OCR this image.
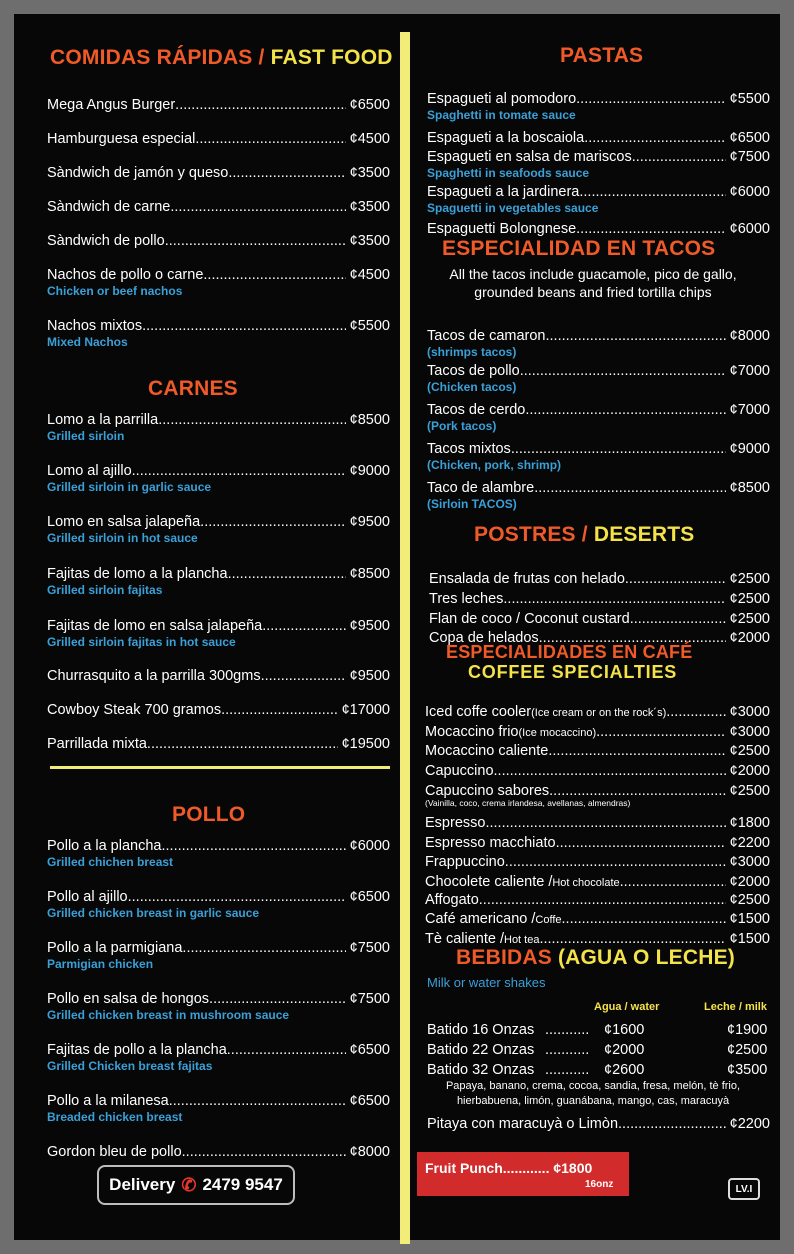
COMIDAS RÁPIDAS / FAST FOOD
Mega Angus Burger .....	¢6500
Hamburguesa especial .....	¢4500
Sàndwich de jamón y queso .....	¢3500
Sàndwich de carne .....	¢3500
Sàndwich de pollo .....	¢3500
Nachos de pollo o carne .....	¢4500
Chicken or beef nachos
Nachos mixtos .....	¢5500
Mixed Nachos
CARNES
Lomo a la parrilla .....	¢8500
Grilled sirloin
Lomo al ajillo .....	¢9000
Grilled sirloin in garlic sauce
Lomo en salsa jalapeña .....	¢9500
Grilled sirloin in hot sauce
Fajitas de lomo a la plancha .....	¢8500
Grilled sirloin fajitas
Fajitas de lomo en salsa jalapeña .....	¢9500
Grilled sirloin fajitas in hot sauce
Churrasquito a la parrilla 300gms .....	¢9500
Cowboy Steak 700 gramos .....	¢17000
Parrillada mixta .....	¢19500
POLLO
Pollo a la plancha .....	¢6000
Grilled chichen breast
Pollo al ajillo .....	¢6500
Grilled chicken breast in garlic sauce
Pollo a la parmigiana .....	¢7500
Parmigian chicken
Pollo en salsa de hongos .....	¢7500
Grilled chicken breast in mushroom sauce
Fajitas de pollo a la plancha .....	¢6500
Grilled Chicken breast fajitas
Pollo a la milanesa .....	¢6500
Breaded chicken breast
Gordon bleu de pollo .....	¢8000
Delivery ✆ 2479 9547
PASTAS
Espagueti al pomodoro .....	¢5500
Spaghetti in tomate sauce
Espagueti a la boscaiola .....	¢6500
Espagueti en salsa de mariscos .....	¢7500
Spaghetti in seafoods sauce
Espagueti a la jardinera .....	¢6000
Spaguetti in vegetables sauce
Espaguetti Bolongnese .....	¢6000
ESPECIALIDAD EN TACOS
All the tacos include guacamole, pico de gallo,
grounded beans and fried tortilla chips
Tacos de camaron .....	¢8000
(shrimps tacos)
Tacos de pollo .....	¢7000
(Chicken tacos)
Tacos de cerdo .....	¢7000
(Pork tacos)
Tacos mixtos .....	¢9000
(Chicken, pork, shrimp)
Taco de alambre .....	¢8500
(Sirloin TACOS)
POSTRES / DESERTS
Ensalada de frutas con helado .....	¢2500
Tres leches .....	¢2500
Flan de coco / Coconut custard .....	¢2500
Copa de helados .....	¢2000
ESPECIALIDADES EN CAFÉ
COFFEE SPECIALTIES
Iced coffe cooler (Ice cream or on the rock´s) .....	¢3000
Mocaccino frio (Ice mocaccino) .....	¢3000
Mocaccino caliente .....	¢2500
Capuccino .....	¢2000
Capuccino sabores .....	¢2500
Espresso .....	¢1800
Espresso macchiato .....	¢2200
Frappuccino .....	¢3000
Chocolete caliente / Hot chocolate .....	¢2000
Affogato .....	¢2500
Café americano / Coffe .....	¢1500
Tè caliente / Hot tea .....	¢1500
(Vainilla, coco, crema irlandesa, avellanas, almendras)
BEBIDAS (AGUA O LECHE)
Milk or water shakes
Agua / water	Leche / milk
Batido 16 Onzas ........... ¢1600	¢1900
Batido 22 Onzas ........... ¢2000	¢2500
Batido 32 Onzas ........... ¢2600	¢3500
Papaya, banano, crema, cocoa, sandia, fresa, melón, tè frio,
hierbabuena, limón, guanábana, mango, cas, maracuyà
Pitaya con maracuyà o Limòn .....	¢2200
Fruit Punch............ ¢1800
16onz	LV.I
